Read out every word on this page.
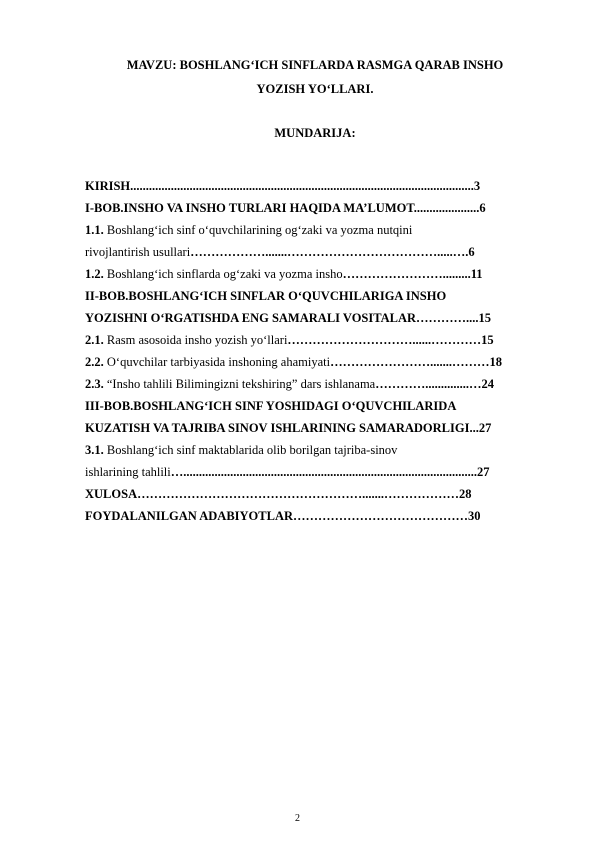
MAVZU: BOSHLANG‘ICH SINFLARDA RASMGA QARAB INSHO
YOZISH YO‘LLARI.
MUNDARIJA:
KIRISH..............................................................................................................3
I-BOB.INSHO VA INSHO TURLARI HAQIDA MA’LUMOT.....................6
1.1. Boshlang‘ich sinf o‘quvchilarining og‘zaki va yozma nutqini
rivojlantirish usullari……………….......……………………………….....….6
1.2. Boshlang‘ich sinflarda og‘zaki va yozma insho…………………….........11
II-BOB.BOSHLANG‘ICH SINFLAR O‘QUVCHILARIGA INSHO
YOZISHNI O‘RGATISHDA ENG SAMARALI VOSITALAR…………....15
2.1. Rasm asosoida insho yozish yo‘llari…………………………......…………15
2.2. O‘quvchilar tarbiyasida inshoning ahamiyati…………………….......………18
2.3. “Insho tahlili Bilimingizni tekshiring” dars ishlanama…………..............…24
III-BOB.BOSHLANG‘ICH SINF YOSHIDAGI O‘QUVCHILARIDA
KUZATISH VA TAJRIBA SINOV ISHLARINING SAMARADORLIGI...27
3.1. Boshlang‘ich sinf maktablarida olib borilgan tajriba-sinov
ishlarining tahlili…..............................................................................................27
XULOSA……………………………………………….......………………28
FOYDALANILGAN ADABIYOTLAR……………………………………30
2
